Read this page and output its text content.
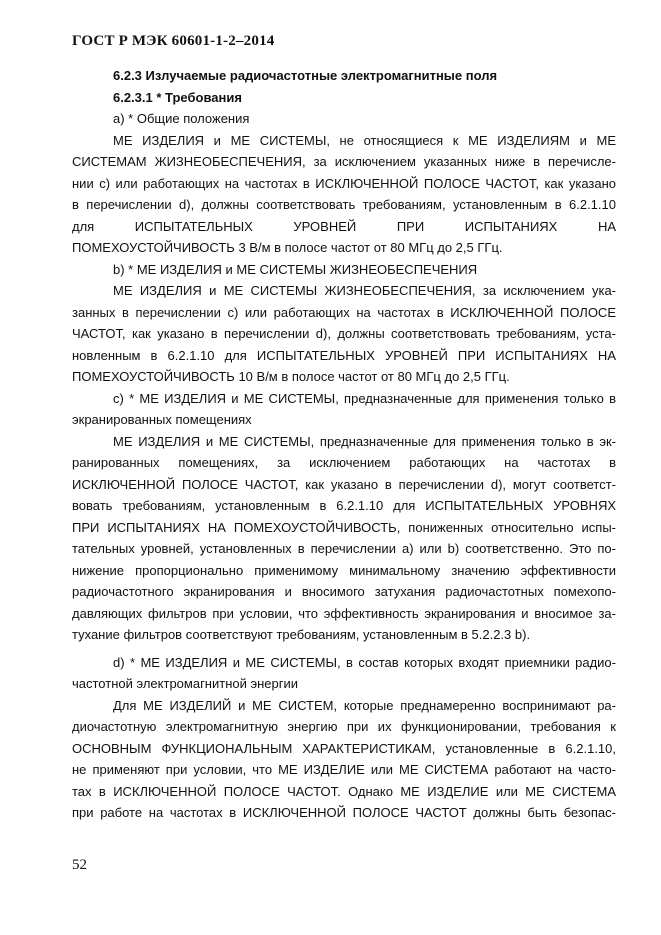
ГОСТ Р МЭК 60601-1-2–2014
6.2.3 Излучаемые радиочастотные электромагнитные поля
6.2.3.1 * Требования
а) * Общие положения
МЕ ИЗДЕЛИЯ и МЕ СИСТЕМЫ, не относящиеся к МЕ ИЗДЕЛИЯМ и МЕ
СИСТЕМАМ ЖИЗНЕОБЕСПЕЧЕНИЯ, за исключением указанных ниже в перечисле-
нии с) или работающих на частотах в ИСКЛЮЧЕННОЙ ПОЛОСЕ ЧАСТОТ, как указано
в перечислении d), должны соответствовать требованиям, установленным в 6.2.1.10
для ИСПЫТАТЕЛЬНЫХ УРОВНЕЙ ПРИ ИСПЫТАНИЯХ НА
ПОМЕХОУСТОЙЧИВОСТЬ 3 В/м в полосе частот от 80 МГц до 2,5 ГГц.
b) * МЕ ИЗДЕЛИЯ и МЕ СИСТЕМЫ ЖИЗНЕОБЕСПЕЧЕНИЯ
МЕ ИЗДЕЛИЯ и МЕ СИСТЕМЫ ЖИЗНЕОБЕСПЕЧЕНИЯ, за исключением ука-
занных в перечислении с) или работающих на частотах в ИСКЛЮЧЕННОЙ ПОЛОСЕ
ЧАСТОТ, как указано в перечислении d), должны соответствовать требованиям, уста-
новленным в 6.2.1.10 для ИСПЫТАТЕЛЬНЫХ УРОВНЕЙ ПРИ ИСПЫТАНИЯХ НА
ПОМЕХОУСТОЙЧИВОСТЬ 10 В/м в полосе частот от 80 МГц до 2,5 ГГц.
с) * МЕ ИЗДЕЛИЯ и МЕ СИСТЕМЫ, предназначенные для применения только в
экранированных помещениях
МЕ ИЗДЕЛИЯ и МЕ СИСТЕМЫ, предназначенные для применения только в эк-
ранированных помещениях, за исключением работающих на частотах в
ИСКЛЮЧЕННОЙ ПОЛОСЕ ЧАСТОТ, как указано в перечислении d), могут соответст-
вовать требованиям, установленным в 6.2.1.10 для ИСПЫТАТЕЛЬНЫХ УРОВНЯХ
ПРИ ИСПЫТАНИЯХ НА ПОМЕХОУСТОЙЧИВОСТЬ, пониженных относительно испы-
тательных уровней, установленных в перечислении а) или b) соответственно. Это по-
нижение пропорционально применимому минимальному значению эффективности
радиочастотного экранирования и вносимого затухания радиочастотных помехопо-
давляющих фильтров при условии, что эффективность экранирования и вносимое за-
тухание фильтров соответствуют требованиям, установленным в 5.2.2.3 b).
d) * МЕ ИЗДЕЛИЯ и МЕ СИСТЕМЫ, в состав которых входят приемники радио-
частотной электромагнитной энергии
Для МЕ ИЗДЕЛИЙ и МЕ СИСТЕМ, которые преднамеренно воспринимают ра-
диочастотную электромагнитную энергию при их функционировании, требования к
ОСНОВНЫМ ФУНКЦИОНАЛЬНЫМ ХАРАКТЕРИСТИКАМ, установленные в 6.2.1.10,
не применяют при условии, что МЕ ИЗДЕЛИЕ или МЕ СИСТЕМА работают на часто-
тах в ИСКЛЮЧЕННОЙ ПОЛОСЕ ЧАСТОТ. Однако МЕ ИЗДЕЛИЕ или МЕ СИСТЕМА
при работе на частотах в ИСКЛЮЧЕННОЙ ПОЛОСЕ ЧАСТОТ должны быть безопас-
52
